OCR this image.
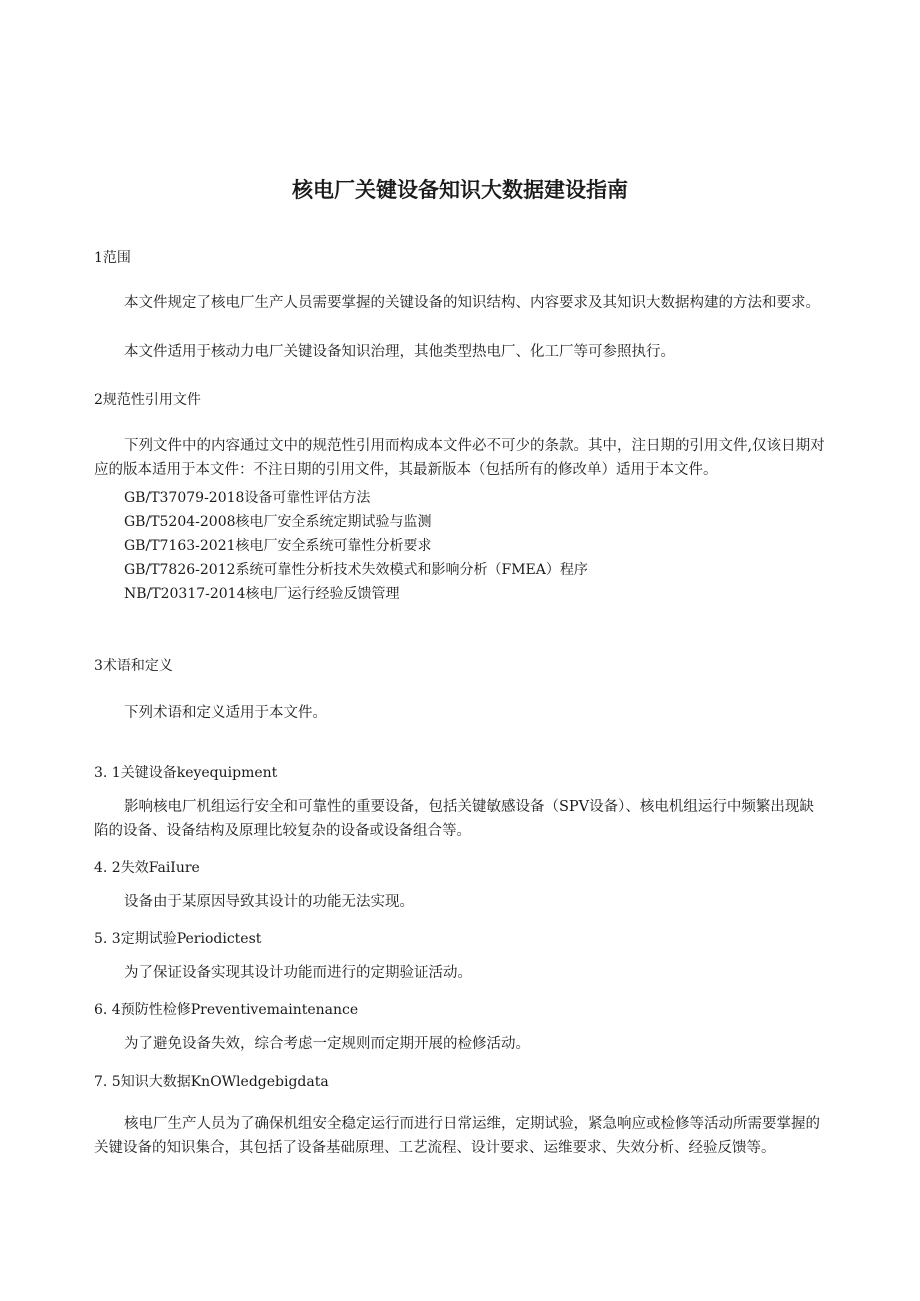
核电厂关键设备知识大数据建设指南
1范围
本文件规定了核电厂生产人员需要掌握的关键设备的知识结构、内容要求及其知识大数据构建的方法和要求。
本文件适用于核动力电厂关键设备知识治理，其他类型热电厂、化工厂等可参照执行。
2规范性引用文件
下列文件中的内容通过文中的规范性引用而构成本文件必不可少的条款。其中，注日期的引用文件,仅该日期对应的版本适用于本文件：不注日期的引用文件，其最新版本（包括所有的修改单）适用于本文件。
GB/T37079-2018设备可靠性评估方法
GB/T5204-2008核电厂安全系统定期试验与监测
GB/T7163-2021核电厂安全系统可靠性分析要求
GB/T7826-2012系统可靠性分析技术失效模式和影响分析（FMEA）程序
NB/T20317-2014核电厂运行经验反馈管理
3术语和定义
下列术语和定义适用于本文件。
3. 1关键设备keyequipment
影响核电厂机组运行安全和可靠性的重要设备，包括关键敏感设备（SPV设备）、核电机组运行中频繁出现缺陷的设备、设备结构及原理比较复杂的设备或设备组合等。
4. 2失效FaiIure
设备由于某原因导致其设计的功能无法实现。
5. 3定期试验Periodictest
为了保证设备实现其设计功能而进行的定期验证活动。
6. 4预防性检修Preventivemaintenance
为了避免设备失效，综合考虑一定规则而定期开展的检修活动。
7. 5知识大数据KnOWledgebigdata
核电厂生产人员为了确保机组安全稳定运行而进行日常运维，定期试验，紧急响应或检修等活动所需要掌握的关键设备的知识集合，其包括了设备基础原理、工艺流程、设计要求、运维要求、失效分析、经验反馈等。
